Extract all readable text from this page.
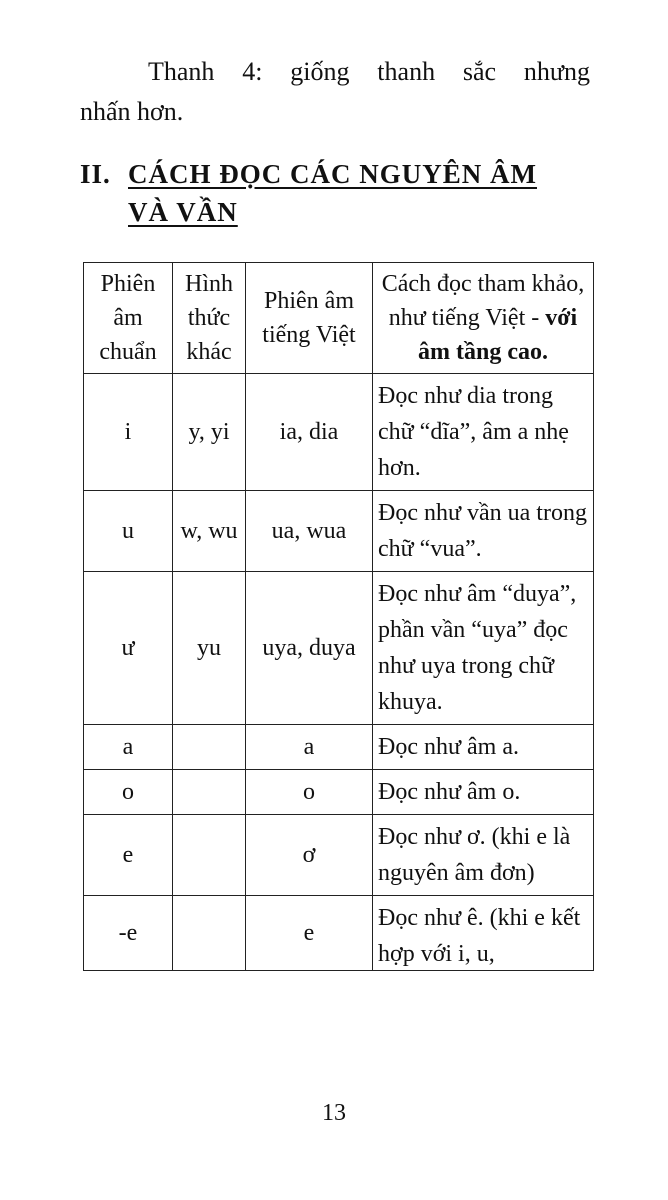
Thanh 4: giống thanh sắc nhưng
nhấn hơn.
II. CÁCH ĐỌC CÁC NGUYÊN ÂM
VÀ VẦN
Phiên âm chuẩn	Hình thức khác	Phiên âm tiếng Việt	Cách đọc tham khảo, như tiếng Việt - với âm tầng cao.
i	y, yi	ia, dia	Đọc như dia trong chữ “dĩa”, âm a nhẹ hơn.
u	w, wu	ua, wua	Đọc như vần ua trong chữ “vua”.
ư	yu	uya, duya	Đọc như âm “duya”, phần vần “uya” đọc như uya trong chữ khuya.
a		a	Đọc như âm a.
o		o	Đọc như âm o.
e		ơ	Đọc như ơ. (khi e là nguyên âm đơn)
-e		e	Đọc như ê. (khi e kết hợp với i, u,
13
